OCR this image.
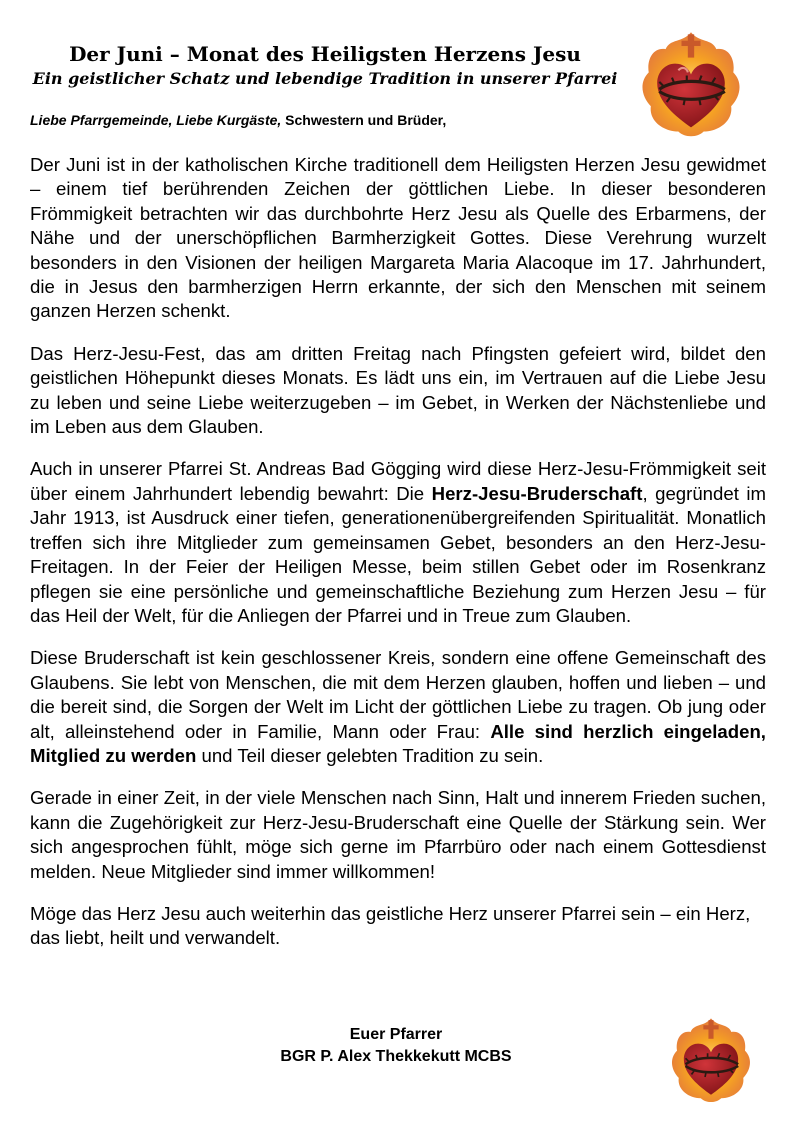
Der Juni – Monat des Heiligsten Herzens Jesu
Ein geistlicher Schatz und lebendige Tradition in unserer Pfarrei
Liebe Pfarrgemeinde, Liebe Kurgäste, Schwestern und Brüder,

Der Juni ist in der katholischen Kirche traditionell dem Heiligsten Herzen Jesu gewidmet – einem tief berührenden Zeichen der göttlichen Liebe. In dieser besonderen Frömmigkeit betrachten wir das durchbohrte Herz Jesu als Quelle des Erbarmens, der Nähe und der unerschöpflichen Barmherzigkeit Gottes. Diese Verehrung wurzelt besonders in den Visionen der heiligen Margareta Maria Alacoque im 17. Jahrhundert, die in Jesus den barmherzigen Herrn erkannte, der sich den Menschen mit seinem ganzen Herzen schenkt.

Das Herz-Jesu-Fest, das am dritten Freitag nach Pfingsten gefeiert wird, bildet den geistlichen Höhepunkt dieses Monats. Es lädt uns ein, im Vertrauen auf die Liebe Jesu zu leben und seine Liebe weiterzugeben – im Gebet, in Werken der Nächstenliebe und im Leben aus dem Glauben.

Auch in unserer Pfarrei St. Andreas Bad Gögging wird diese Herz-Jesu-Frömmigkeit seit über einem Jahrhundert lebendig bewahrt: Die Herz-Jesu-Bruderschaft, gegründet im Jahr 1913, ist Ausdruck einer tiefen, generationenübergreifenden Spiritualität. Monatlich treffen sich ihre Mitglieder zum gemeinsamen Gebet, besonders an den Herz-Jesu-Freitagen. In der Feier der Heiligen Messe, beim stillen Gebet oder im Rosenkranz pflegen sie eine persönliche und gemeinschaftliche Beziehung zum Herzen Jesu – für das Heil der Welt, für die Anliegen der Pfarrei und in Treue zum Glauben.

Diese Bruderschaft ist kein geschlossener Kreis, sondern eine offene Gemeinschaft des Glaubens. Sie lebt von Menschen, die mit dem Herzen glauben, hoffen und lieben – und die bereit sind, die Sorgen der Welt im Licht der göttlichen Liebe zu tragen. Ob jung oder alt, alleinstehend oder in Familie, Mann oder Frau: Alle sind herzlich eingeladen, Mitglied zu werden und Teil dieser gelebten Tradition zu sein.

Gerade in einer Zeit, in der viele Menschen nach Sinn, Halt und innerem Frieden suchen, kann die Zugehörigkeit zur Herz-Jesu-Bruderschaft eine Quelle der Stärkung sein. Wer sich angesprochen fühlt, möge sich gerne im Pfarrbüro oder nach einem Gottesdienst melden. Neue Mitglieder sind immer willkommen!

Möge das Herz Jesu auch weiterhin das geistliche Herz unserer Pfarrei sein – ein Herz, das liebt, heilt und verwandelt.

Euer Pfarrer
BGR P. Alex Thekkekutt MCBS
